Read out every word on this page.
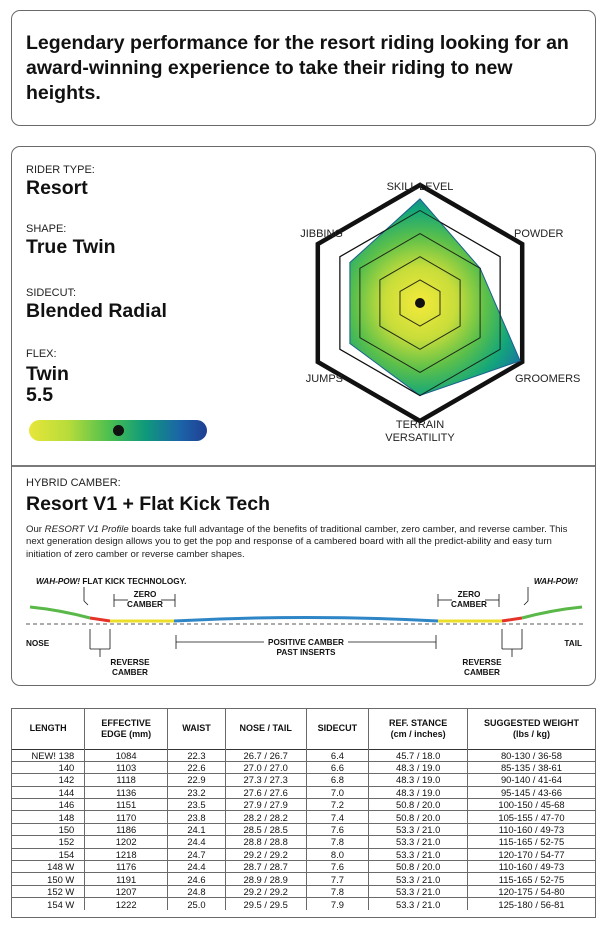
Legendary performance for the resort riding looking for an award-winning experience to take their riding to new heights.
RIDER TYPE:
Resort
SHAPE:
True Twin
SIDECUT:
Blended Radial
FLEX:
Twin
5.5
SKILL LEVEL
POWDER
GROOMERS
TERRAIN
VERSATILITY
JUMPS
JIBBING
HYBRID CAMBER:
Resort V1 + Flat Kick Tech
Our RESORT V1 Profile boards take full advantage of the benefits of traditional camber, zero camber, and reverse camber. This next generation design allows you to get the pop and response of a cambered board with all the predict-ability and easy turn initiation of zero camber or reverse camber shapes.
WAH-POW! FLAT KICK TECHNOLOGY.	WAH-POW!
ZERO
CAMBER
ZERO
CAMBER
NOSE	TAIL
POSITIVE CAMBER
PAST INSERTS
REVERSE
CAMBER
REVERSE
CAMBER
LENGTH	EFFECTIVE
EDGE (mm)	WAIST	NOSE / TAIL	SIDECUT	REF. STANCE
(cm / inches)	SUGGESTED WEIGHT
(lbs / kg)
NEW! 138	1084	22.3	26.7 / 26.7	6.4	45.7 / 18.0	80-130 / 36-58
140	1103	22.6	27.0 / 27.0	6.6	48.3 / 19.0	85-135 / 38-61
142	1118	22.9	27.3 / 27.3	6.8	48.3 / 19.0	90-140 / 41-64
144	1136	23.2	27.6 / 27.6	7.0	48.3 / 19.0	95-145 / 43-66
146	1151	23.5	27.9 / 27.9	7.2	50.8 / 20.0	100-150 / 45-68
148	1170	23.8	28.2 / 28.2	7.4	50.8 / 20.0	105-155 / 47-70
150	1186	24.1	28.5 / 28.5	7.6	53.3 / 21.0	110-160 / 49-73
152	1202	24.4	28.8 / 28.8	7.8	53.3 / 21.0	115-165 / 52-75
154	1218	24.7	29.2 / 29.2	8.0	53.3 / 21.0	120-170 / 54-77
148 W	1176	24.4	28.7 / 28.7	7.6	50.8 / 20.0	110-160 / 49-73
150 W	1191	24.6	28.9 / 28.9	7.7	53.3 / 21.0	115-165 / 52-75
152 W	1207	24.8	29.2 / 29.2	7.8	53.3 / 21.0	120-175 / 54-80
154 W	1222	25.0	29.5 / 29.5	7.9	53.3 / 21.0	125-180 / 56-81
